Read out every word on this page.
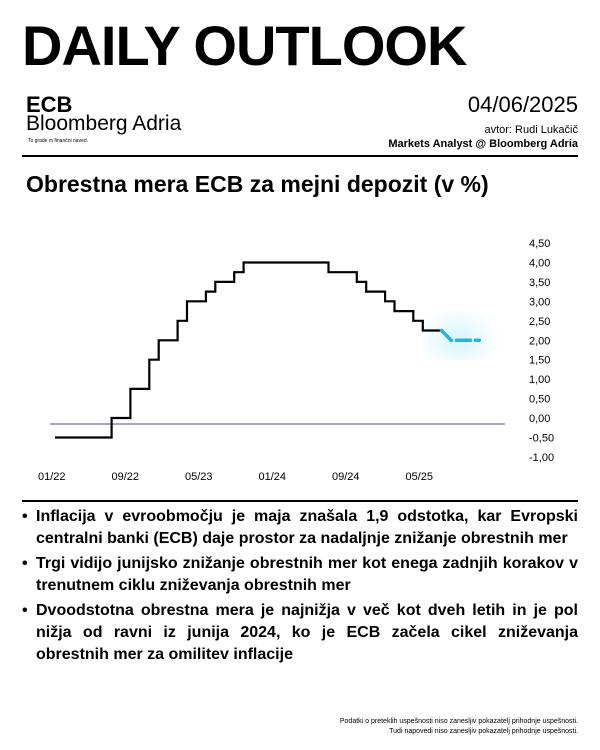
DAILY OUTLOOK
ECB
Bloomberg Adria
To grade m finančni naved.
04/06/2025
avtor: Rudi Lukačič
Markets Analyst @ Bloomberg Adria
Obrestna mera ECB za mejni depozit (v %)
4,50
4,00
3,50
3,00
2,50
2,00
1,50
1,00
0,50
0,00
-0,50
-1,00
01/22	09/22	05/23	01/24	09/24	05/25
• Inflacija v evroobmočju je maja znašala 1,9 odstotka, kar Evropski centralni banki (ECB) daje prostor za nadaljnje znižanje obrestnih mer
• Trgi vidijo junijsko znižanje obrestnih mer kot enega zadnjih korakov v trenutnem ciklu zniževanja obrestnih mer
• Dvoodstotna obrestna mera je najnižja v več kot dveh letih in je pol nižja od ravni iz junija 2024, ko je ECB začela cikel zniževanja obrestnih mer za omilitev inflacije
Podatki o preteklih uspešnosti niso zanesljiv pokazatelj prihodnje uspešnosti.
Tudi napovedi niso zanesljiv pokazatelj prihodnje uspešnosti.
